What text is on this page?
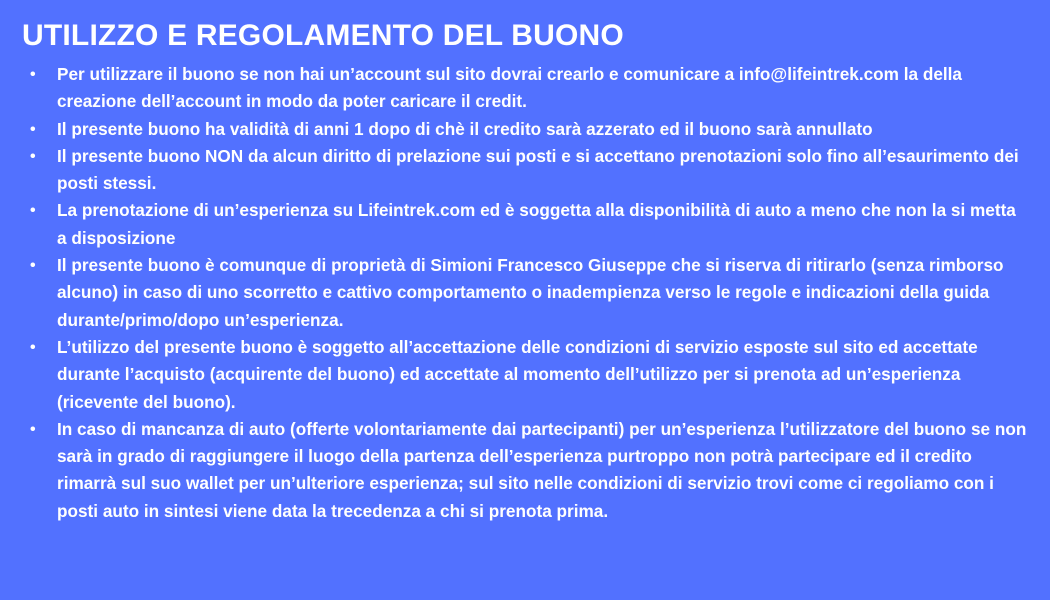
UTILIZZO E REGOLAMENTO DEL BUONO
• Per utilizzare il buono se non hai un’account sul sito dovrai crearlo e comunicare a info@lifeintrek.com la della creazione dell’account in modo da poter caricare il credit.
• Il presente buono ha validità di anni 1 dopo di chè il credito sarà azzerato ed il buono sarà annullato
• Il presente buono NON da alcun diritto di prelazione sui posti e si accettano prenotazioni solo fino all’esaurimento dei posti stessi.
• La prenotazione di un’esperienza su Lifeintrek.com ed è soggetta alla disponibilità di auto a meno che non la si metta a disposizione
• Il presente buono è comunque di proprietà di Simioni Francesco Giuseppe che si riserva di ritirarlo (senza rimborso alcuno) in caso di uno scorretto e cattivo comportamento o inadempienza verso le regole e indicazioni della guida durante/primo/dopo un’esperienza.
• L’utilizzo del presente buono è soggetto all’accettazione delle condizioni di servizio esposte sul sito ed accettate durante l’acquisto (acquirente del buono) ed accettate al momento dell’utilizzo per si prenota ad un’esperienza (ricevente del buono).
• In caso di mancanza di auto (offerte volontariamente dai partecipanti) per un’esperienza l’utilizzatore del buono se non sarà in grado di raggiungere il luogo della partenza dell’esperienza purtroppo non potrà partecipare ed il credito rimarrà sul suo wallet per un’ulteriore esperienza; sul sito nelle condizioni di servizio trovi come ci regoliamo con i posti auto in sintesi viene data la trecedenza a chi si prenota prima.
